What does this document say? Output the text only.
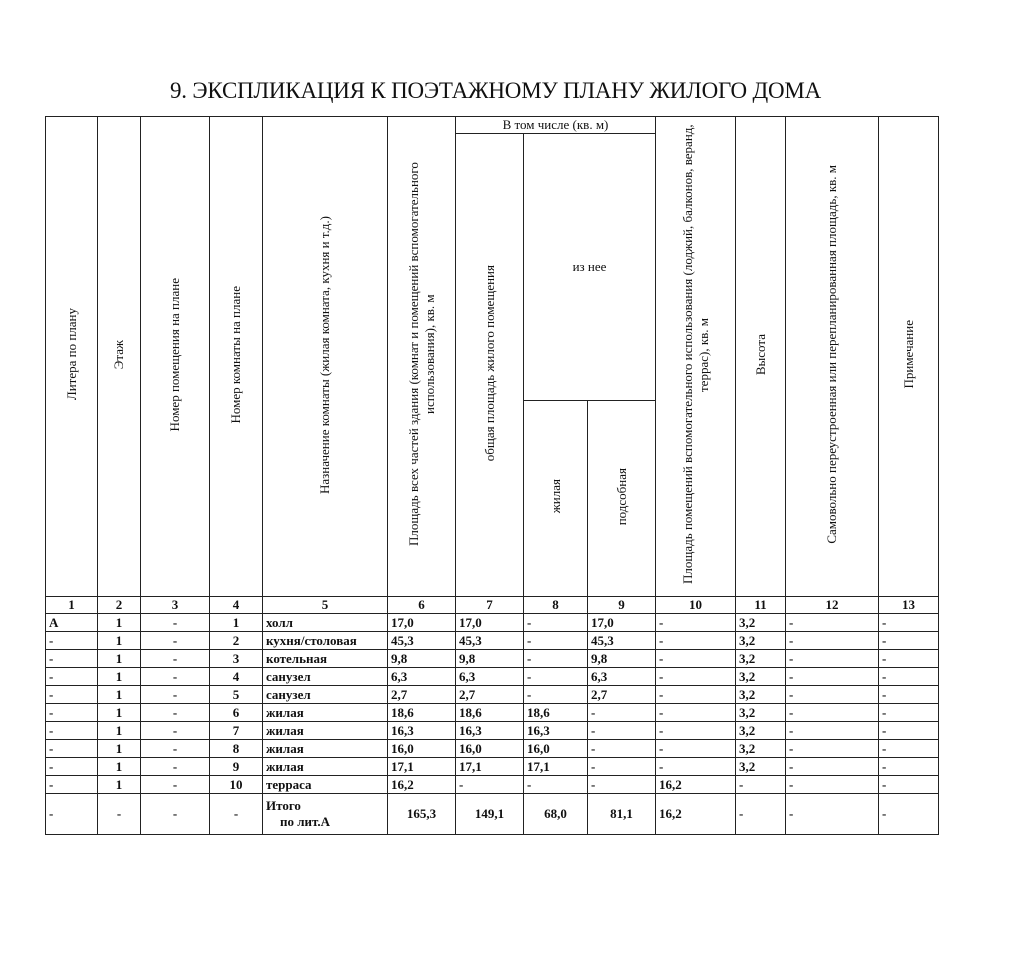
9. ЭКСПЛИКАЦИЯ К ПОЭТАЖНОМУ ПЛАНУ ЖИЛОГО ДОМА
Литера по плану	Этаж	Номер помещения на плане	Номер комнаты на плане	Назначение комнаты (жилая комната, кухня и т.д.)	Площадь всех частей здания (комнат и помещений вспомогательного использования), кв. м	В том числе (кв. м)			Площадь помещений вспомогательного использования (лоджий, балконов, веранд, террас), кв. м	Высота	Самовольно переустроенная или перепланированная площадь, кв. м	Примечание
						общая площадь жилого помещения	из нее					
							жилая	подсобная				
1	2	3	4	5	6	7	8	9	10	11	12	13
А	1	-	1	холл	17,0	17,0	-	17,0	-	3,2	-	-
-	1	-	2	кухня/столовая	45,3	45,3	-	45,3	-	3,2	-	-
-	1	-	3	котельная	9,8	9,8	-	9,8	-	3,2	-	-
-	1	-	4	санузел	6,3	6,3	-	6,3	-	3,2	-	-
-	1	-	5	санузел	2,7	2,7	-	2,7	-	3,2	-	-
-	1	-	6	жилая	18,6	18,6	18,6	-	-	3,2	-	-
-	1	-	7	жилая	16,3	16,3	16,3	-	-	3,2	-	-
-	1	-	8	жилая	16,0	16,0	16,0	-	-	3,2	-	-
-	1	-	9	жилая	17,1	17,1	17,1	-	-	3,2	-	-
-	1	-	10	терраса	16,2	-	-	-	16,2	-	-	-
-	-	-	-	Итого
по лит.А	165,3	149,1	68,0	81,1	16,2	-	-	-
